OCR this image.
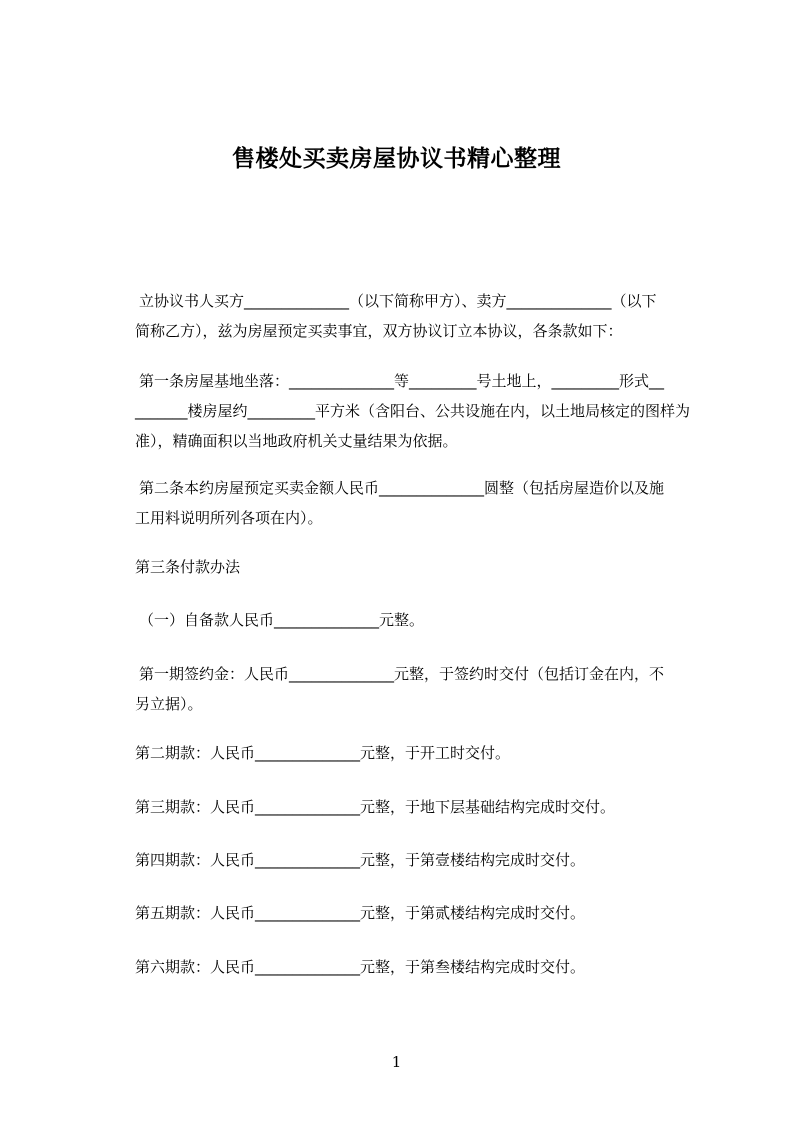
售楼处买卖房屋协议书精心整理
立协议书人买方______________（以下简称甲方）、卖方______________（以下
简称乙方），兹为房屋预定买卖事宜，双方协议订立本协议，各条款如下：
第一条房屋基地坐落：______________等_________号土地上，_________形式__
_______楼房屋约_________平方米（含阳台、公共设施在内，以土地局核定的图样为
准），精确面积以当地政府机关丈量结果为依据。
第二条本约房屋预定买卖金额人民币______________圆整（包括房屋造价以及施
工用料说明所列各项在内）。
第三条付款办法
（一）自备款人民币______________元整。
第一期签约金：人民币______________元整，于签约时交付（包括订金在内，不
另立据）。
第二期款：人民币______________元整，于开工时交付。
第三期款：人民币______________元整，于地下层基础结构完成时交付。
第四期款：人民币______________元整，于第壹楼结构完成时交付。
第五期款：人民币______________元整，于第贰楼结构完成时交付。
第六期款：人民币______________元整，于第叁楼结构完成时交付。
1
